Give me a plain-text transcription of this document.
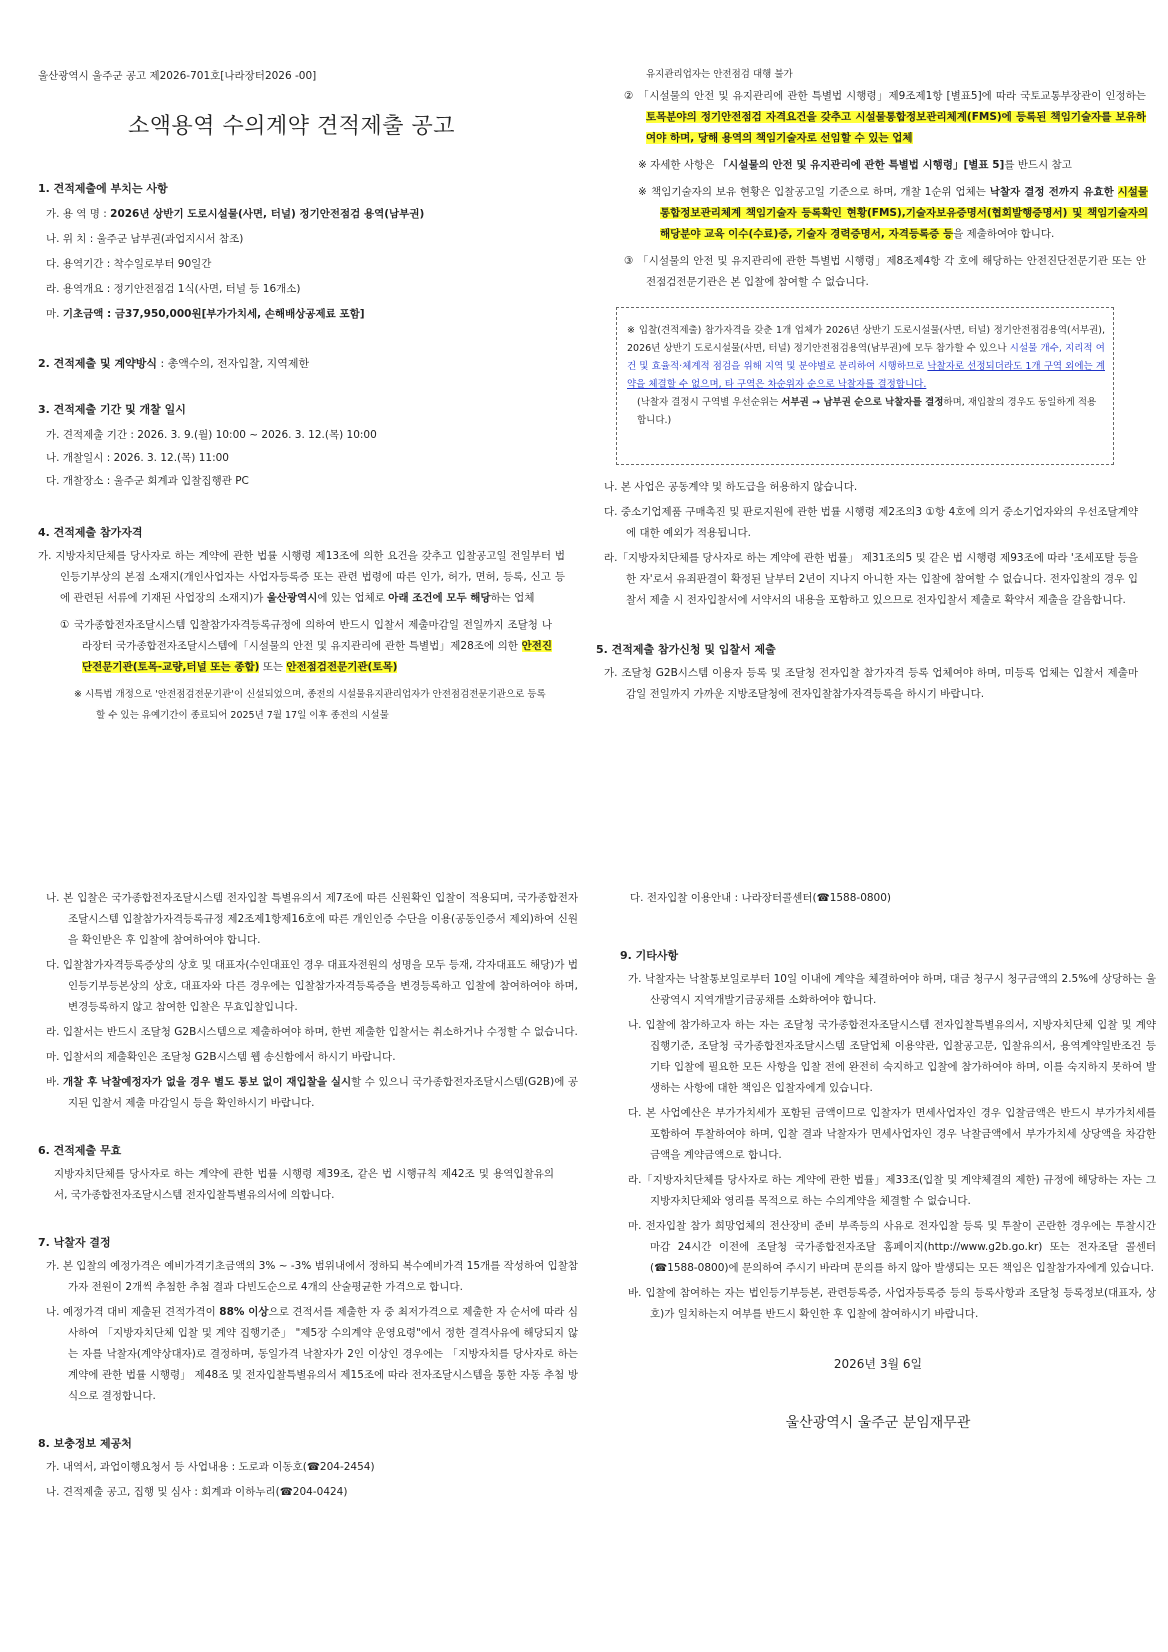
울산광역시 울주군 공고 제2026-701호[나라장터2026 -00]

소액용역 수의계약 견적제출 공고

1. 견적제출에 부치는 사항

가. 용 역 명 : 2026년 상반기 도로시설물(사면, 터널) 정기안전점검 용역(남부권)

나. 위 치 : 울주군 남부권(과업지시서 참조)

다. 용역기간 : 착수일로부터 90일간

라. 용역개요 : 정기안전점검 1식(사면, 터널 등 16개소)

마. 기초금액 : 금37,950,000원[부가가치세, 손해배상공제료 포함]

2. 견적제출 및 계약방식 : 총액수의, 전자입찰, 지역제한

3. 견적제출 기간 및 개찰 일시

가. 견적제출 기간 : 2026. 3. 9.(월) 10:00 ~ 2026. 3. 12.(목) 10:00

나. 개찰일시 : 2026. 3. 12.(목) 11:00

다. 개찰장소 : 울주군 회계과 입찰집행관 PC

4. 견적제출 참가자격

가. 지방자치단체를 당사자로 하는 계약에 관한 법률 시행령 제13조에 의한 요건을 갖추고 입찰공고일 전일부터 법인등기부상의 본점 소재지(개인사업자는 사업자등록증 또는 관련 법령에 따른 인가, 허가, 면허, 등록, 신고 등에 관련된 서류에 기재된 사업장의 소재지)가 울산광역시에 있는 업체로 아래 조건에 모두 해당하는 업체

① 국가종합전자조달시스템 입찰참가자격등록규정에 의하여 반드시 입찰서 제출마감일 전일까지 조달청 나라장터 국가종합전자조달시스템에「시설물의 안전 및 유지관리에 관한 특별법」제28조에 의한 안전진단전문기관(토목-교량,터널 또는 종합) 또는 안전점검전문기관(토목)

※ 시특법 개정으로 '안전점검전문기관'이 신설되었으며, 종전의 시설물유지관리업자가 안전점검전문기관으로 등록할 수 있는 유예기간이 종료되어 2025년 7월 17일 이후 종전의 시설물

유지관리업자는 안전점검 대행 불가

② 「시설물의 안전 및 유지관리에 관한 특별법 시행령」제9조제1항 [별표5]에 따라 국토교통부장관이 인정하는 토목분야의 정기안전점검 자격요건을 갖추고 시설물통합정보관리체계(FMS)에 등록된 책임기술자를 보유하여야 하며, 당해 용역의 책임기술자로 선임할 수 있는 업체

※ 자세한 사항은 「시설물의 안전 및 유지관리에 관한 특별법 시행령」[별표 5]를 반드시 참고

※ 책임기술자의 보유 현황은 입찰공고일 기준으로 하며, 개찰 1순위 업체는 낙찰자 결정 전까지 유효한 시설물 통합정보관리체계 책임기술자 등록확인 현황(FMS),기술자보유증명서(협회발행증명서) 및 책임기술자의 해당분야 교육 이수(수료)증, 기술자 경력증명서, 자격등록증 등을 제출하여야 합니다.

③ 「시설물의 안전 및 유지관리에 관한 특별법 시행령」제8조제4항 각 호에 해당하는 안전진단전문기관 또는 안전점검전문기관은 본 입찰에 참여할 수 없습니다.

※ 입찰(견적제출) 참가자격을 갖춘 1개 업체가 2026년 상반기 도로시설물(사면, 터널) 정기안전점검용역(서부권), 2026년 상반기 도로시설물(사면, 터널) 정기안전점검용역(남부권)에 모두 참가할 수 있으나 시설물 개수, 지리적 여건 및 효율적·체계적 점검을 위해 지역 및 분야별로 분리하여 시행하므로 낙찰자로 선정되더라도 1개 구역 외에는 계약을 체결할 수 없으며, 타 구역은 차순위자 순으로 낙찰자를 결정합니다.

(낙찰자 결정시 구역별 우선순위는 서부권 → 남부권 순으로 낙찰자를 결정하며, 재입찰의 경우도 동일하게 적용합니다.)

나. 본 사업은 공동계약 및 하도급을 허용하지 않습니다.

다. 중소기업제품 구매촉진 및 판로지원에 관한 법률 시행령 제2조의3 ①항 4호에 의거 중소기업자와의 우선조달계약에 대한 예외가 적용됩니다.

라.「지방자치단체를 당사자로 하는 계약에 관한 법률」 제31조의5 및 같은 법 시행령 제93조에 따라 '조세포탈 등을 한 자'로서 유죄판결이 확정된 날부터 2년이 지나지 아니한 자는 입찰에 참여할 수 없습니다. 전자입찰의 경우 입찰서 제출 시 전자입찰서에 서약서의 내용을 포함하고 있으므로 전자입찰서 제출로 확약서 제출을 갈음합니다.

5. 견적제출 참가신청 및 입찰서 제출

가. 조달청 G2B시스템 이용자 등록 및 조달청 전자입찰 참가자격 등록 업체여야 하며, 미등록 업체는 입찰서 제출마감일 전일까지 가까운 지방조달청에 전자입찰참가자격등록을 하시기 바랍니다.

나. 본 입찰은 국가종합전자조달시스템 전자입찰 특별유의서 제7조에 따른 신원확인 입찰이 적용되며, 국가종합전자조달시스템 입찰참가자격등록규정 제2조제1항제16호에 따른 개인인증 수단을 이용(공동인증서 제외)하여 신원을 확인받은 후 입찰에 참여하여야 합니다.

다. 입찰참가자격등록증상의 상호 및 대표자(수인대표인 경우 대표자전원의 성명을 모두 등재, 각자대표도 해당)가 법인등기부등본상의 상호, 대표자와 다른 경우에는 입찰참가자격등록증을 변경등록하고 입찰에 참여하여야 하며, 변경등록하지 않고 참여한 입찰은 무효입찰입니다.

라. 입찰서는 반드시 조달청 G2B시스템으로 제출하여야 하며, 한번 제출한 입찰서는 취소하거나 수정할 수 없습니다.

마. 입찰서의 제출확인은 조달청 G2B시스템 웹 송신함에서 하시기 바랍니다.

바. 개찰 후 낙찰예정자가 없을 경우 별도 통보 없이 재입찰을 실시할 수 있으니 국가종합전자조달시스템(G2B)에 공지된 입찰서 제출 마감일시 등을 확인하시기 바랍니다.

6. 견적제출 무효

지방자치단체를 당사자로 하는 계약에 관한 법률 시행령 제39조, 같은 법 시행규칙 제42조 및 용역입찰유의서, 국가종합전자조달시스템 전자입찰특별유의서에 의합니다.

7. 낙찰자 결정

가. 본 입찰의 예정가격은 예비가격기초금액의 3% ~ -3% 범위내에서 정하되 복수예비가격 15개를 작성하여 입찰참가자 전원이 2개씩 추첨한 추첨 결과 다빈도순으로 4개의 산술평균한 가격으로 합니다.

나. 예정가격 대비 제출된 견적가격이 88% 이상으로 견적서를 제출한 자 중 최저가격으로 제출한 자 순서에 따라 심사하여 「지방자치단체 입찰 및 계약 집행기준」 "제5장 수의계약 운영요령"에서 정한 결격사유에 해당되지 않는 자를 낙찰자(계약상대자)로 결정하며, 동일가격 낙찰자가 2인 이상인 경우에는 「지방자치를 당사자로 하는 계약에 관한 법률 시행령」 제48조 및 전자입찰특별유의서 제15조에 따라 전자조달시스템을 통한 자동 추첨 방식으로 결정합니다.

8. 보충정보 제공처

가. 내역서, 과업이행요청서 등 사업내용 : 도로과 이동호(☎204-2454)

나. 견적제출 공고, 집행 및 심사 : 회계과 이하누리(☎204-0424)

다. 전자입찰 이용안내 : 나라장터콜센터(☎1588-0800)

9. 기타사항

가. 낙찰자는 낙찰통보일로부터 10일 이내에 계약을 체결하여야 하며, 대금 청구시 청구금액의 2.5%에 상당하는 울산광역시 지역개발기금공채를 소화하여야 합니다.

나. 입찰에 참가하고자 하는 자는 조달청 국가종합전자조달시스템 전자입찰특별유의서, 지방자치단체 입찰 및 계약 집행기준, 조달청 국가종합전자조달시스템 조달업체 이용약관, 입찰공고문, 입찰유의서, 용역계약일반조건 등 기타 입찰에 필요한 모든 사항을 입찰 전에 완전히 숙지하고 입찰에 참가하여야 하며, 이를 숙지하지 못하여 발생하는 사항에 대한 책임은 입찰자에게 있습니다.

다. 본 사업예산은 부가가치세가 포함된 금액이므로 입찰자가 면세사업자인 경우 입찰금액은 반드시 부가가치세를 포함하여 투찰하여야 하며, 입찰 결과 낙찰자가 면세사업자인 경우 낙찰금액에서 부가가치세 상당액을 차감한 금액을 계약금액으로 합니다.

라.「지방자치단체를 당사자로 하는 계약에 관한 법률」제33조(입찰 및 계약체결의 제한) 규정에 해당하는 자는 그 지방자치단체와 영리를 목적으로 하는 수의계약을 체결할 수 없습니다.

마. 전자입찰 참가 희망업체의 전산장비 준비 부족등의 사유로 전자입찰 등록 및 투찰이 곤란한 경우에는 투찰시간 마감 24시간 이전에 조달청 국가종합전자조달 홈페이지(http://www.g2b.go.kr) 또는 전자조달 콜센터(☎1588-0800)에 문의하여 주시기 바라며 문의를 하지 않아 발생되는 모든 책임은 입찰참가자에게 있습니다.

바. 입찰에 참여하는 자는 법인등기부등본, 관련등록증, 사업자등록증 등의 등록사항과 조달청 등록정보(대표자, 상호)가 일치하는지 여부를 반드시 확인한 후 입찰에 참여하시기 바랍니다.

2026년 3월 6일

울산광역시 울주군 분임재무관
